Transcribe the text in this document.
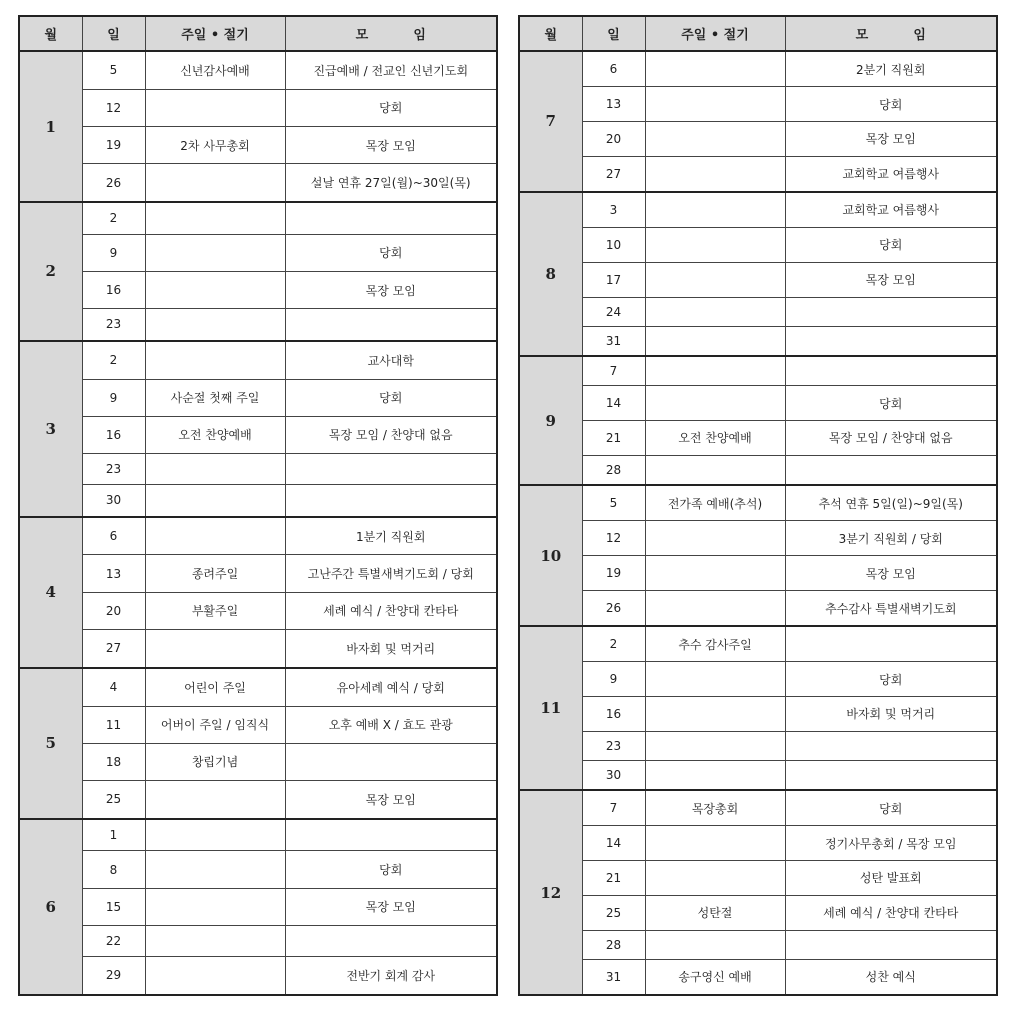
월	일	주일 • 절기	모          임
1	5	신년감사예배	진급예배 / 전교인 신년기도회
	12		당회
	19	2차 사무총회	목장 모임
	26		설날 연휴 27일(월)~30일(목)
2	2		
	9		당회
	16		목장 모임
	23		
3	2		교사대학
	9	사순절 첫째 주일	당회
	16	오전 찬양예배	목장 모임 / 찬양대 없음
	23		
	30		
4	6		1분기 직원회
	13	종려주일	고난주간 특별새벽기도회 / 당회
	20	부활주일	세례 예식 / 찬양대 칸타타
	27		바자회 및 먹거리
5	4	어린이 주일	유아세례 예식 / 당회
	11	어버이 주일 / 임직식	오후 예배 X / 효도 관광
	18	창립기념	
	25		목장 모임
6	1		
	8		당회
	15		목장 모임
	22		
	29		전반기 회계 감사
월	일	주일 • 절기	모          임
7	6		2분기 직원회
	13		당회
	20		목장 모임
	27		교회학교 여름행사
8	3		교회학교 여름행사
	10		당회
	17		목장 모임
	24		
	31		
9	7		
	14		당회
	21	오전 찬양예배	목장 모임 / 찬양대 없음
	28		
10	5	전가족 예배(추석)	추석 연휴 5일(일)~9일(목)
	12		3분기 직원회 / 당회
	19		목장 모임
	26		추수감사 특별새벽기도회
11	2	추수 감사주일	
	9		당회
	16		바자회 및 먹거리
	23		
	30		
12	7	목장총회	당회
	14		정기사무총회 / 목장 모임
	21		성탄 발표회
	25	성탄절	세례 예식 / 찬양대 칸타타
	28		
	31	송구영신 예배	성찬 예식
